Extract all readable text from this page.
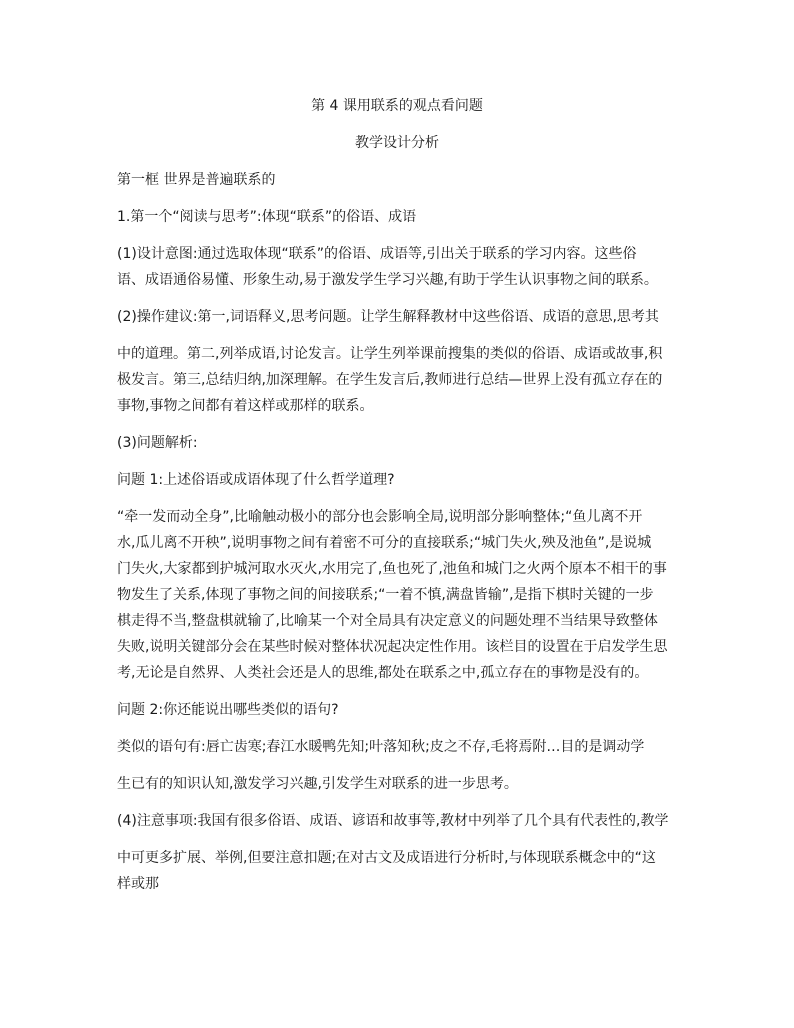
第 4 课用联系的观点看问题
教学设计分析
第一框 世界是普遍联系的
1.第一个“阅读与思考”:体现“联系”的俗语、成语
(1)设计意图:通过选取体现“联系”的俗语、成语等,引出关于联系的学习内容。这些俗
语、成语通俗易懂、形象生动,易于激发学生学习兴趣,有助于学生认识事物之间的联系。
(2)操作建议:第一,词语释义,思考问题。让学生解释教材中这些俗语、成语的意思,思考其
中的道理。第二,列举成语,讨论发言。让学生列举课前搜集的类似的俗语、成语或故事,积
极发言。第三,总结归纳,加深理解。在学生发言后,教师进行总结—世界上没有孤立存在的
事物,事物之间都有着这样或那样的联系。
(3)问题解析:
问题 1:上述俗语或成语体现了什么哲学道理?
“牵一发而动全身”,比喻触动极小的部分也会影响全局,说明部分影响整体;“鱼儿离不开
水,瓜儿离不开秧”,说明事物之间有着密不可分的直接联系;“城门失火,殃及池鱼”,是说城
门失火,大家都到护城河取水灭火,水用完了,鱼也死了,池鱼和城门之火两个原本不相干的事
物发生了关系,体现了事物之间的间接联系;“一着不慎,满盘皆输”,是指下棋时关键的一步
棋走得不当,整盘棋就输了,比喻某一个对全局具有决定意义的问题处理不当结果导致整体
失败,说明关键部分会在某些时候对整体状况起决定性作用。该栏目的设置在于启发学生思
考,无论是自然界、人类社会还是人的思维,都处在联系之中,孤立存在的事物是没有的。
问题 2:你还能说出哪些类似的语句?
类似的语句有:唇亡齿寒;春江水暖鸭先知;叶落知秋;皮之不存,毛将焉附…目的是调动学
生已有的知识认知,激发学习兴趣,引发学生对联系的进一步思考。
(4)注意事项:我国有很多俗语、成语、谚语和故事等,教材中列举了几个具有代表性的,教学
中可更多扩展、举例,但要注意扣题;在对古文及成语进行分析时,与体现联系概念中的“这
样或那
